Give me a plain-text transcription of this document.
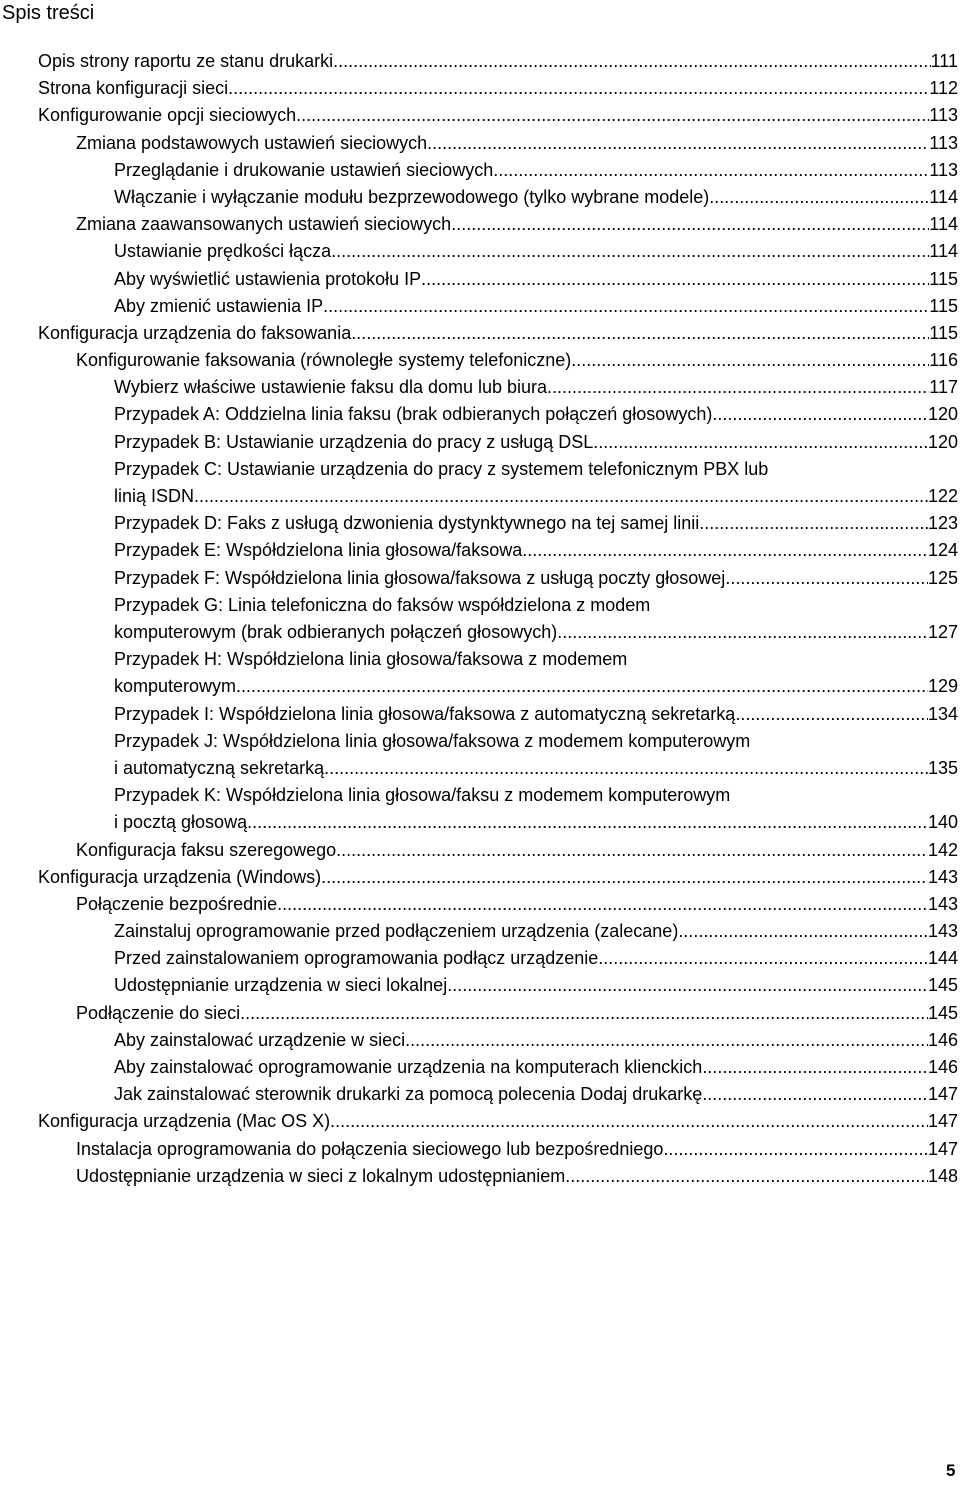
Spis treści
Opis strony raportu ze stanu drukarki .....	111
Strona konfiguracji sieci .....	112
Konfigurowanie opcji sieciowych .....	113
Zmiana podstawowych ustawień sieciowych .....	113
Przeglądanie i drukowanie ustawień sieciowych .....	113
Włączanie i wyłączanie modułu bezprzewodowego (tylko wybrane modele) .....	114
Zmiana zaawansowanych ustawień sieciowych .....	114
Ustawianie prędkości łącza .....	114
Aby wyświetlić ustawienia protokołu IP .....	115
Aby zmienić ustawienia IP .....	115
Konfiguracja urządzenia do faksowania .....	115
Konfigurowanie faksowania (równoległe systemy telefoniczne) .....	116
Wybierz właściwe ustawienie faksu dla domu lub biura .....	117
Przypadek A: Oddzielna linia faksu (brak odbieranych połączeń głosowych) .....	120
Przypadek B: Ustawianie urządzenia do pracy z usługą DSL .....	120
Przypadek C: Ustawianie urządzenia do pracy z systemem telefonicznym PBX lub
linią ISDN .....	122
Przypadek D: Faks z usługą dzwonienia dystynktywnego na tej samej linii .....	123
Przypadek E: Współdzielona linia głosowa/faksowa .....	124
Przypadek F: Współdzielona linia głosowa/faksowa z usługą poczty głosowej .....	125
Przypadek G: Linia telefoniczna do faksów współdzielona z modem
komputerowym (brak odbieranych połączeń głosowych) .....	127
Przypadek H: Współdzielona linia głosowa/faksowa z modemem
komputerowym .....	129
Przypadek I: Współdzielona linia głosowa/faksowa z automatyczną sekretarką .....	134
Przypadek J: Współdzielona linia głosowa/faksowa z modemem komputerowym
i automatyczną sekretarką .....	135
Przypadek K: Współdzielona linia głosowa/faksu z modemem komputerowym
i pocztą głosową .....	140
Konfiguracja faksu szeregowego .....	142
Konfiguracja urządzenia (Windows) .....	143
Połączenie bezpośrednie .....	143
Zainstaluj oprogramowanie przed podłączeniem urządzenia (zalecane) .....	143
Przed zainstalowaniem oprogramowania podłącz urządzenie .....	144
Udostępnianie urządzenia w sieci lokalnej .....	145
Podłączenie do sieci .....	145
Aby zainstalować urządzenie w sieci .....	146
Aby zainstalować oprogramowanie urządzenia na komputerach klienckich .....	146
Jak zainstalować sterownik drukarki za pomocą polecenia Dodaj drukarkę .....	147
Konfiguracja urządzenia (Mac OS X) .....	147
Instalacja oprogramowania do połączenia sieciowego lub bezpośredniego .....	147
Udostępnianie urządzenia w sieci z lokalnym udostępnianiem .....	148
5
